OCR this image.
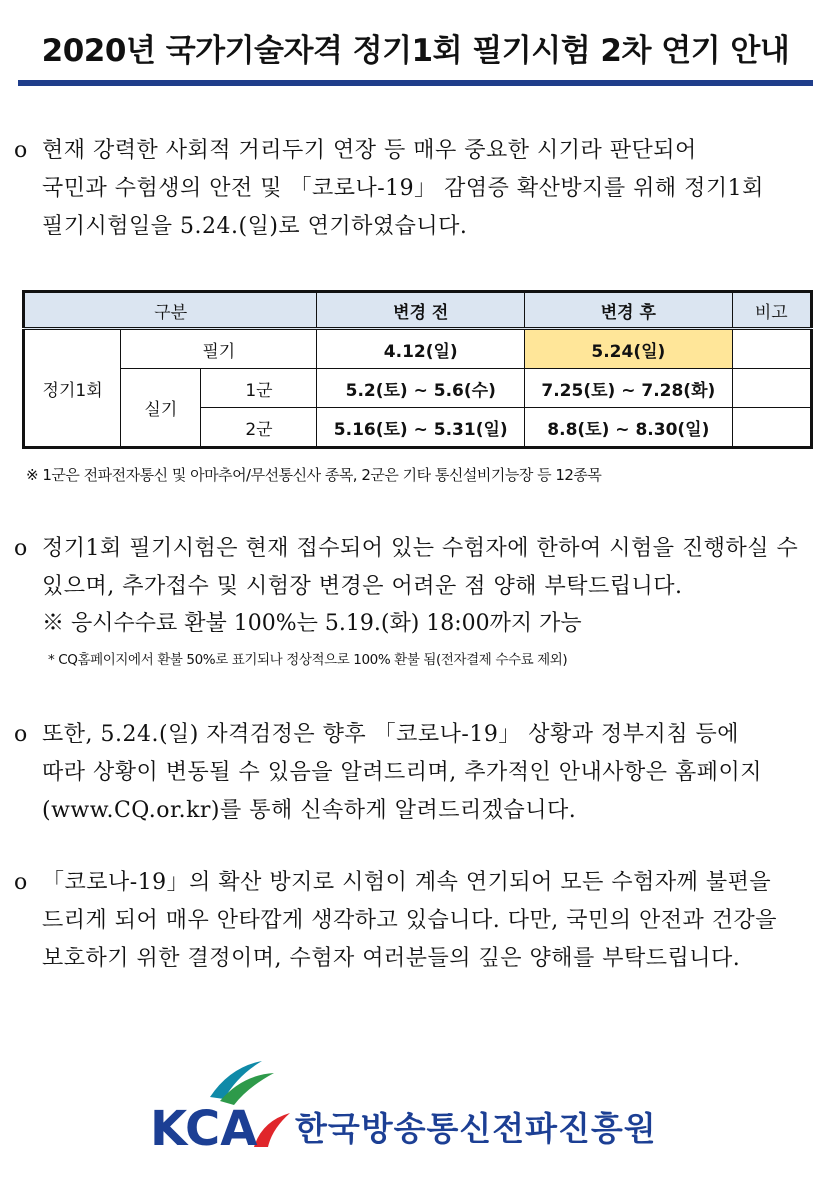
2020년 국가기술자격 정기1회 필기시험 2차 연기 안내
o 현재 강력한 사회적 거리두기 연장 등 매우 중요한 시기라 판단되어
국민과 수험생의 안전 및 「코로나-19」 감염증 확산방지를 위해 정기1회
필기시험일을 5.24.(일)로 연기하였습니다.
구분			변경 전	변경 후	비고
정기1회	필기		4.12(일)	5.24(일)	
	실기	1군	5.2(토) ~ 5.6(수)	7.25(토) ~ 7.28(화)	
		2군	5.16(토) ~ 5.31(일)	8.8(토) ~ 8.30(일)	
※ 1군은 전파전자통신 및 아마추어/무선통신사 종목, 2군은 기타 통신설비기능장 등 12종목
o 정기1회 필기시험은 현재 접수되어 있는 수험자에 한하여 시험을 진행하실 수
있으며, 추가접수 및 시험장 변경은 어려운 점 양해 부탁드립니다.
※ 응시수수료 환불 100%는 5.19.(화) 18:00까지 가능
* CQ홈페이지에서 환불 50%로 표기되나 정상적으로 100% 환불 됨(전자결제 수수료 제외)
o 또한, 5.24.(일) 자격검정은 향후 「코로나-19」 상황과 정부지침 등에
따라 상황이 변동될 수 있음을 알려드리며, 추가적인 안내사항은 홈페이지
(www.CQ.or.kr)를 통해 신속하게 알려드리겠습니다.
o 「코로나-19」의 확산 방지로 시험이 계속 연기되어 모든 수험자께 불편을
드리게 되어 매우 안타깝게 생각하고 있습니다. 다만, 국민의 안전과 건강을
보호하기 위한 결정이며, 수험자 여러분들의 깊은 양해를 부탁드립니다.
KCA 한국방송통신전파진흥원
